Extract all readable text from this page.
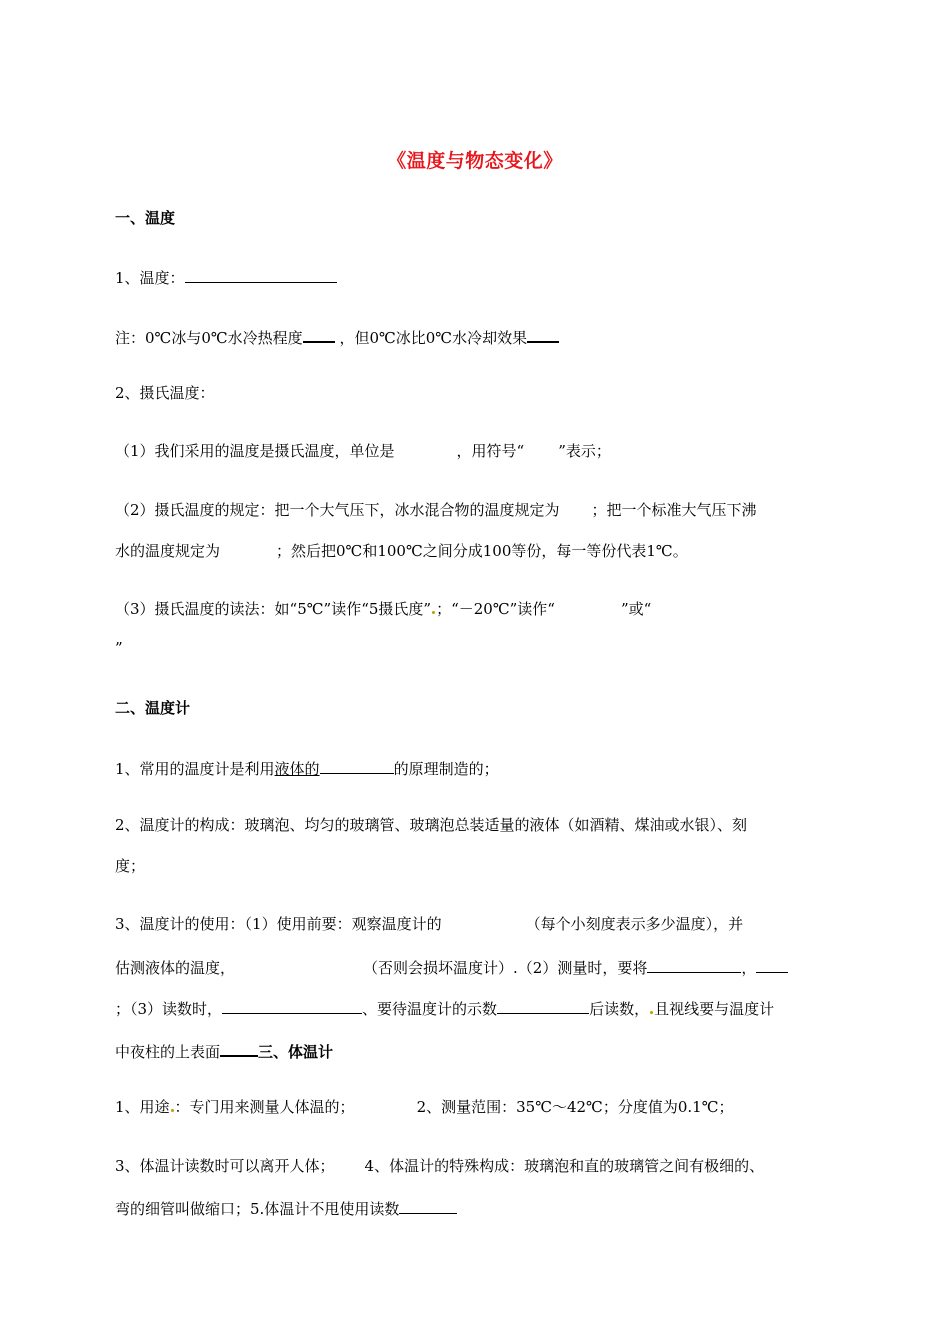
《温度与物态变化》
一、温度
1、温度：
注：0℃冰与0℃水冷热程度 ，但0℃冰比0℃水冷却效果
2、摄氏温度：
（1）我们采用的温度是摄氏温度，单位是	，用符号“ ”表示；
（2）摄氏温度的规定：把一个大气压下，冰水混合物的温度规定为 ；把一个标准大气压下沸
水的温度规定为	；然后把0℃和100℃之间分成100等份，每一等份代表1℃。
（3）摄氏温度的读法：如“5℃”读作“5摄氏度” ；“－20℃”读作“	”或“
”
二、温度计
1、常用的温度计是利用液体的	的原理制造的；
2、温度计的构成：玻璃泡、均匀的玻璃管、玻璃泡总装适量的液体（如酒精、煤油或水银）、刻
度；
3、温度计的使用：（1）使用前要：观察温度计的	（每个小刻度表示多少温度），并
估测液体的温度，	（否则会损坏温度计）.（2）测量时，要将	，
；（3）读数时，	、要待温度计的示数	后读数， 且视线要与温度计
中夜柱的上表面	三、体温计
1、用途 ：专门用来测量人体温的；	2、测量范围：35℃～42℃；分度值为0.1℃；
3、体温计读数时可以离开人体； 4、体温计的特殊构成：玻璃泡和直的玻璃管之间有极细的、
弯的细管叫做缩口；5.体温计不甩使用读数
